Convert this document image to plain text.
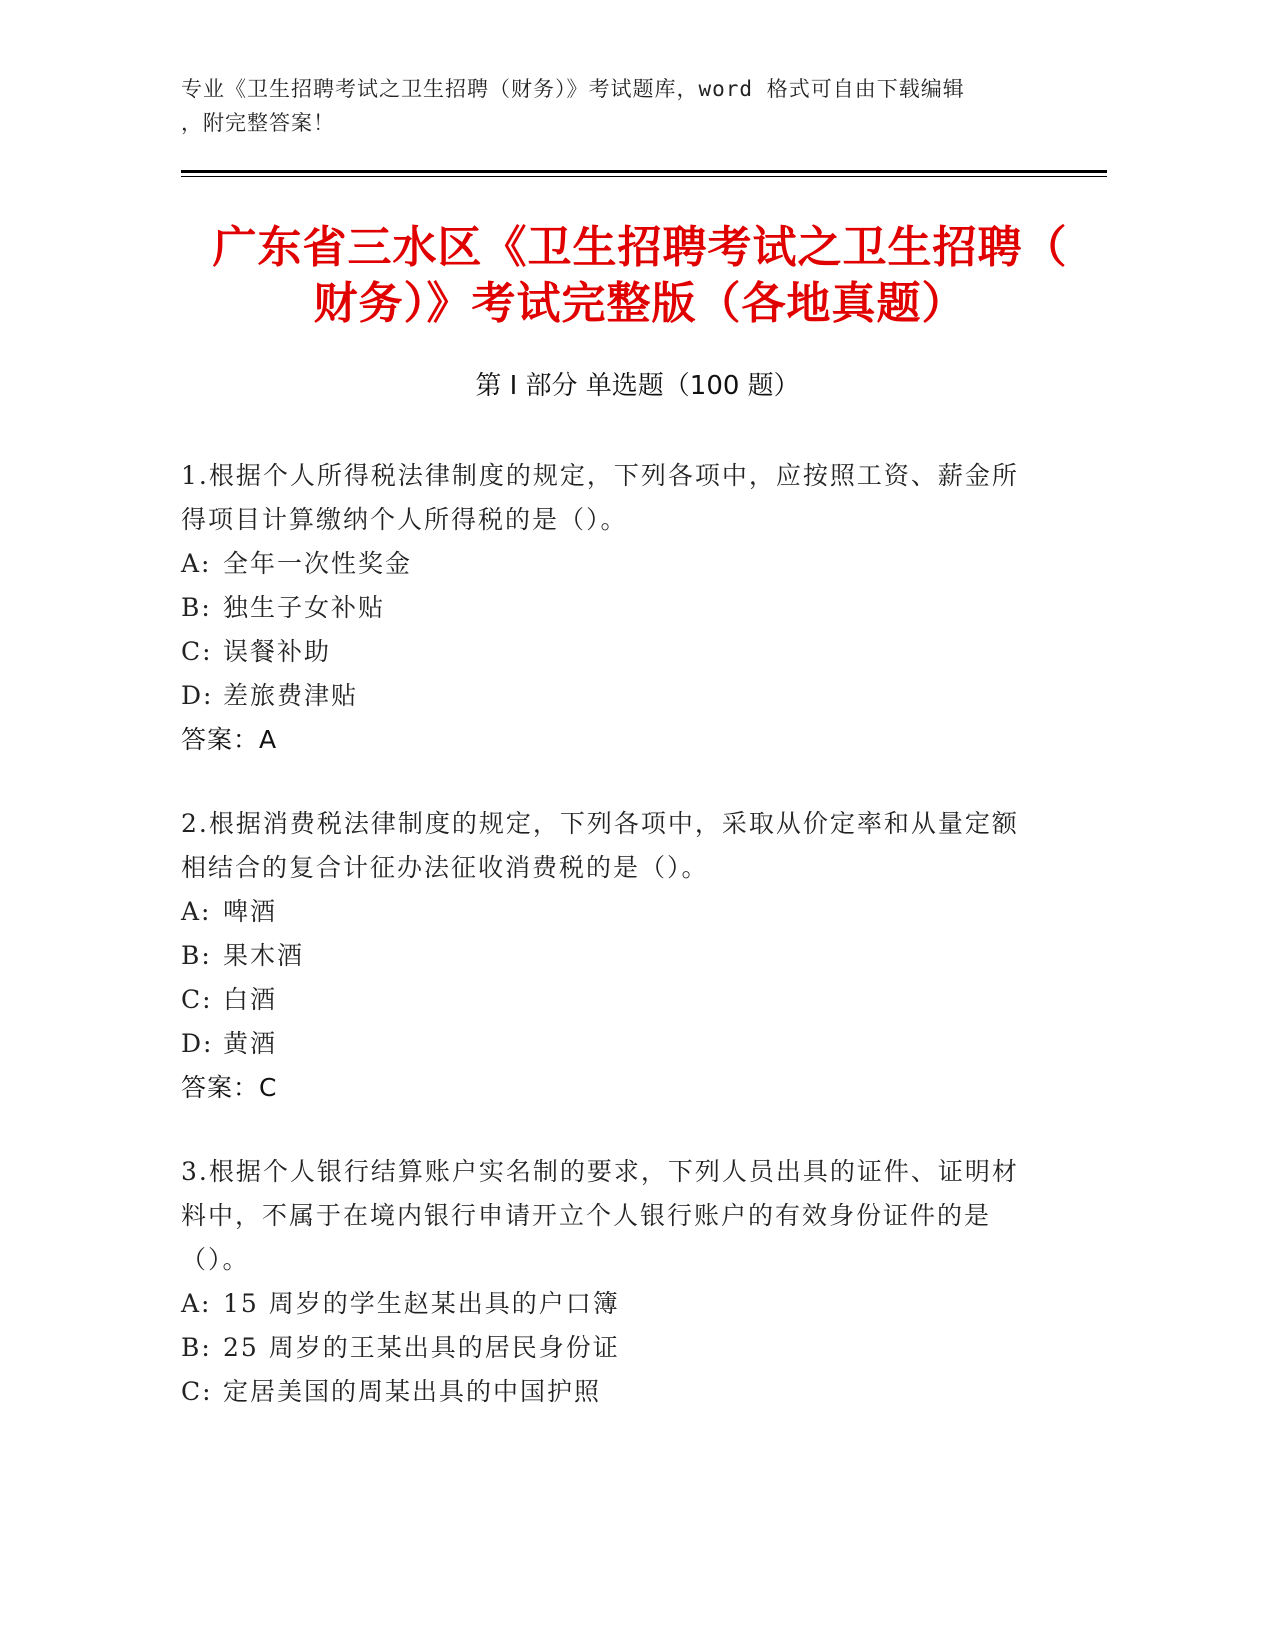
专业《卫生招聘考试之卫生招聘（财务）》考试题库，word 格式可自由下载编辑
，附完整答案！
广东省三水区《卫生招聘考试之卫生招聘（
财务）》考试完整版（各地真题）
第 I 部分 单选题（100 题）
1.根据个人所得税法律制度的规定，下列各项中，应按照工资、薪金所得项目计算缴纳个人所得税的是（）。
A: 全年一次性奖金
B: 独生子女补贴
C: 误餐补助
D: 差旅费津贴
答案：A
2.根据消费税法律制度的规定，下列各项中，采取从价定率和从量定额相结合的复合计征办法征收消费税的是（）。
A: 啤酒
B: 果木酒
C: 白酒
D: 黄酒
答案：C
3.根据个人银行结算账户实名制的要求，下列人员出具的证件、证明材料中，不属于在境内银行申请开立个人银行账户的有效身份证件的是（）。
A: 15 周岁的学生赵某出具的户口簿
B: 25 周岁的王某出具的居民身份证
C: 定居美国的周某出具的中国护照
